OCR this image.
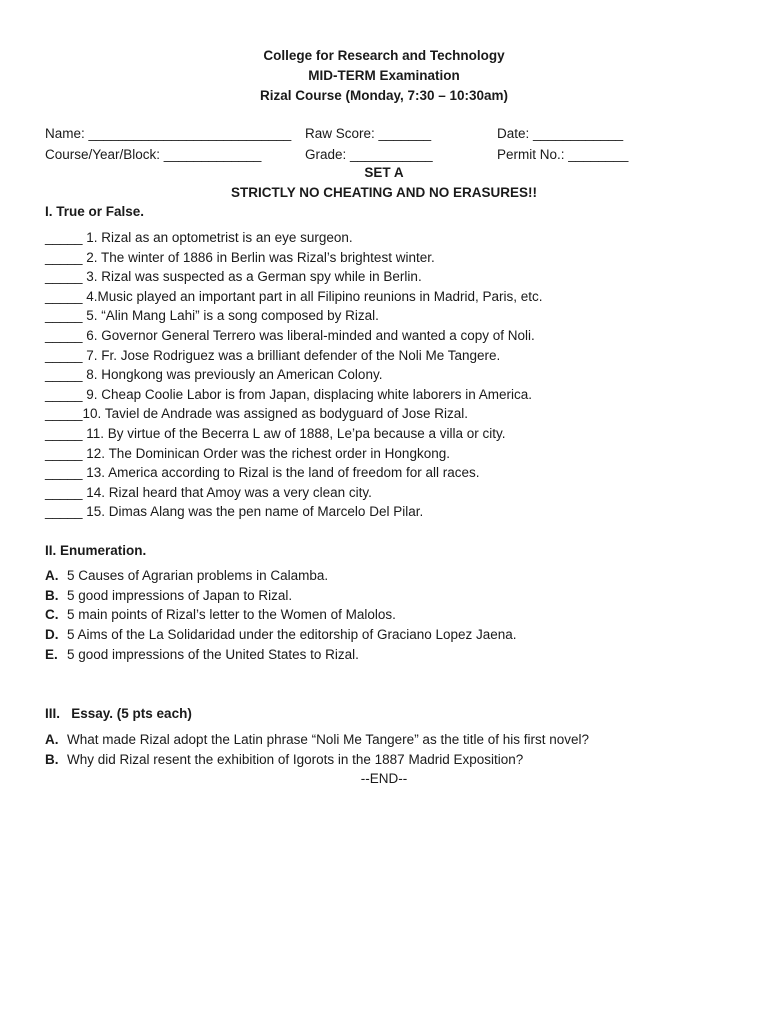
College for Research and Technology
MID-TERM Examination
Rizal Course (Monday, 7:30 – 10:30am)
Name: ___________________________ Raw Score: _______	Date: ____________
Course/Year/Block: _____________	Grade: ___________	Permit No.: ________
SET A
STRICTLY NO CHEATING AND NO ERASURES!!
I. True or False.
_____ 1. Rizal as an optometrist is an eye surgeon.
_____ 2. The winter of 1886 in Berlin was Rizal’s brightest winter.
_____ 3. Rizal was suspected as a German spy while in Berlin.
_____ 4.Music played an important part in all Filipino reunions in Madrid, Paris, etc.
_____ 5. “Alin Mang Lahi” is a song composed by Rizal.
_____ 6. Governor General Terrero was liberal-minded and wanted a copy of Noli.
_____ 7. Fr. Jose Rodriguez was a brilliant defender of the Noli Me Tangere.
_____ 8. Hongkong was previously an American Colony.
_____ 9. Cheap Coolie Labor is from Japan, displacing white laborers in America.
_____10. Taviel de Andrade was assigned as bodyguard of Jose Rizal.
_____ 11. By virtue of the Becerra L aw of 1888, Le’pa because a villa or city.
_____ 12. The Dominican Order was the richest order in Hongkong.
_____ 13. America according to Rizal is the land of freedom for all races.
_____ 14. Rizal heard that Amoy was a very clean city.
_____ 15. Dimas Alang was the pen name of Marcelo Del Pilar.
II. Enumeration.
A. 5 Causes of Agrarian problems in Calamba.
B. 5 good impressions of Japan to Rizal.
C. 5 main points of Rizal’s letter to the Women of Malolos.
D. 5 Aims of the La Solidaridad under the editorship of Graciano Lopez Jaena.
E. 5 good impressions of the United States to Rizal.
III.   Essay. (5 pts each)
A. What made Rizal adopt the Latin phrase “Noli Me Tangere” as the title of his first novel?
B. Why did Rizal resent the exhibition of Igorots in the 1887 Madrid Exposition?
--END--
